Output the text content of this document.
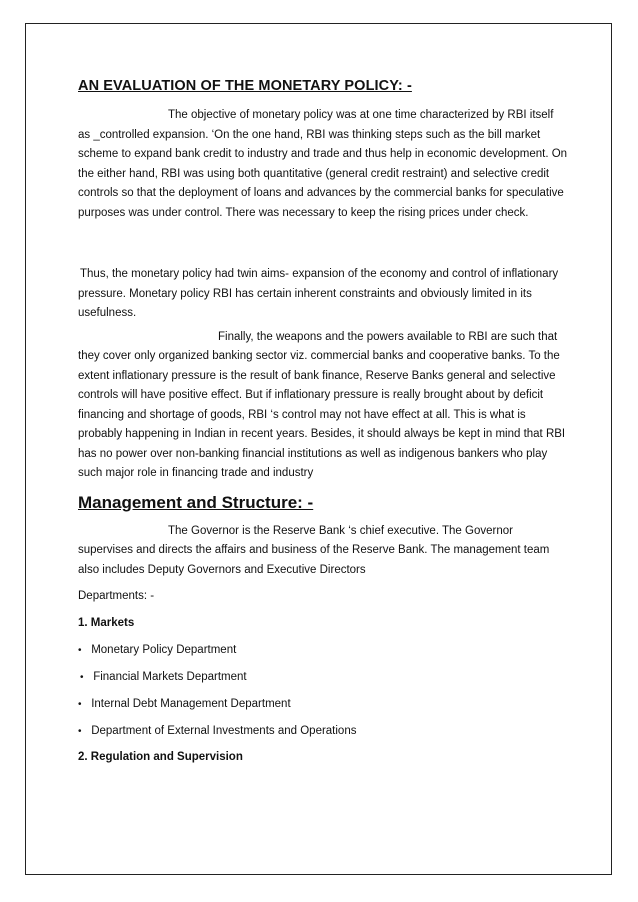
AN EVALUATION OF THE MONETARY POLICY: -

The objective of monetary policy was at one time characterized by RBI itself as _controlled expansion. ‘On the one hand, RBI was thinking steps such as the bill market scheme to expand bank credit to industry and trade and thus help in economic development. On the either hand, RBI was using both quantitative (general credit restraint) and selective credit controls so that the deployment of loans and advances by the commercial banks for speculative purposes was under control. There was necessary to keep the rising prices under check.

Thus, the monetary policy had twin aims- expansion of the economy and control of inflationary pressure. Monetary policy RBI has certain inherent constraints and obviously limited in its usefulness.

Finally, the weapons and the powers available to RBI are such that they cover only organized banking sector viz. commercial banks and cooperative banks. To the extent inflationary pressure is the result of bank finance, Reserve Banks general and selective controls will have positive effect. But if inflationary pressure is really brought about by deficit financing and shortage of goods, RBI ‘s control may not have effect at all. This is what is probably happening in Indian in recent years. Besides, it should always be kept in mind that RBI has no power over non-banking financial institutions as well as indigenous bankers who play such major role in financing trade and industry

Management and Structure: -

The Governor is the Reserve Bank ‘s chief executive. The Governor supervises and directs the affairs and business of the Reserve Bank. The management team also includes Deputy Governors and Executive Directors

Departments: -

1. Markets

• Monetary Policy Department

• Financial Markets Department

• Internal Debt Management Department

• Department of External Investments and Operations

2. Regulation and Supervision
